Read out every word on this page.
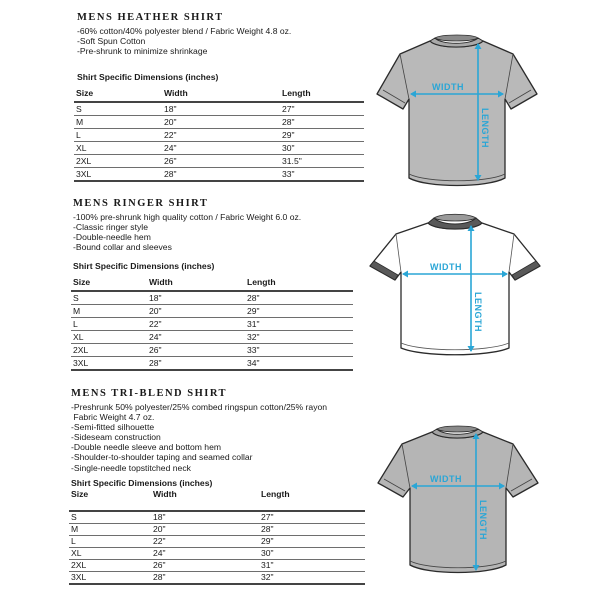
MENS HEATHER SHIRT
-60% cotton/40% polyester blend / Fabric Weight 4.8 oz.
-Soft Spun Cotton
-Pre-shrunk to minimize shrinkage
Shirt Specific Dimensions (inches)
Size	Width	Length
S	18"	27"
M	20"	28"
L	22"	29"
XL	24"	30"
2XL	26"	31.5"
3XL	28"	33"
WIDTH
LENGTH
MENS RINGER SHIRT
-100% pre-shrunk high quality cotton / Fabric Weight 6.0 oz.
-Classic ringer style
-Double-needle hem
-Bound collar and sleeves
Shirt Specific Dimensions (inches)
Size	Width	Length
S	18"	28"
M	20"	29"
L	22"	31"
XL	24"	32"
2XL	26"	33"
3XL	28"	34"
WIDTH
LENGTH
MENS TRI-BLEND SHIRT
-Preshrunk 50% polyester/25% combed ringspun cotton/25% rayon
Fabric Weight 4.7 oz.
-Semi-fitted silhouette
-Sideseam construction
-Double needle sleeve and bottom hem
-Shoulder-to-shoulder taping and seamed collar
-Single-needle topstitched neck
Shirt Specific Dimensions (inches)
Size	Width	Length

S	18"	27"
M	20"	28"
L	22"	29"
XL	24"	30"
2XL	26"	31"
3XL	28"	32"
WIDTH
LENGTH
